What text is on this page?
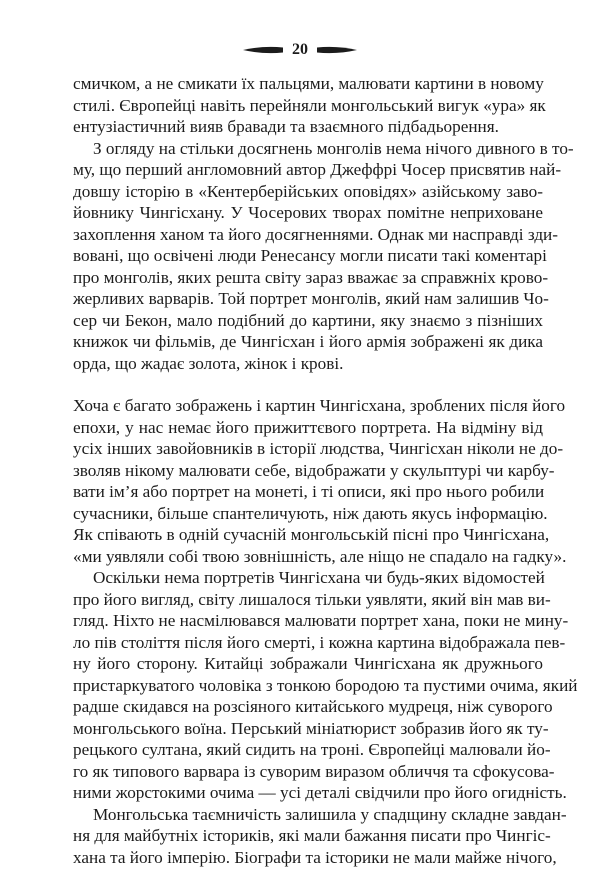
20

смичком, а не смикати їх пальцями, малювати картини в новому
стилі. Європейці навіть перейняли монгольський вигук «ура» як
ентузіастичний вияв бравади та взаємного підбадьорення.

З огляду на стільки досягнень монголів нема нічого дивного в то-
му, що перший англомовний автор Джеффрі Чосер присвятив най-
довшу історію в «Кентерберійських оповідях» азійському заво-
йовнику Чингісхану. У Чосерових творах помітне неприховане
захоплення ханом та його досягненнями. Однак ми насправді зди-
вовані, що освічені люди Ренесансу могли писати такі коментарі
про монголів, яких решта світу зараз вважає за справжніх крово-
жерливих варварів. Той портрет монголів, який нам залишив Чо-
сер чи Бекон, мало подібний до картини, яку знаємо з пізніших
книжок чи фільмів, де Чингісхан і його армія зображені як дика
орда, що жадає золота, жінок і крові.

Хоча є багато зображень і картин Чингісхана, зроблених після його
епохи, у нас немає його прижиттєвого портрета. На відміну від
усіх інших завойовників в історії людства, Чингісхан ніколи не до-
зволяв нікому малювати себе, відображати у скульптурі чи карбу-
вати ім’я або портрет на монеті, і ті описи, які про нього робили
сучасники, більше спантеличують, ніж дають якусь інформацію.
Як співають в одній сучасній монгольській пісні про Чингісхана,
«ми уявляли собі твою зовнішність, але ніщо не спадало на гадку».

Оскільки нема портретів Чингісхана чи будь-яких відомостей
про його вигляд, світу лишалося тільки уявляти, який він мав ви-
гляд. Ніхто не насмілювався малювати портрет хана, поки не мину-
ло пів століття після його смерті, і кожна картина відображала пев-
ну його сторону. Китайці зображали Чингісхана як дружнього
пристаркуватого чоловіка з тонкою бородою та пустими очима, який
радше скидався на розсіяного китайського мудреця, ніж суворого
монгольського воїна. Перський мініатюрист зобразив його як ту-
рецького султана, який сидить на троні. Європейці малювали йо-
го як типового варвара із суворим виразом обличчя та сфокусова-
ними жорстокими очима — усі деталі свідчили про його огидність.

Монгольська таємничість залишила у спадщину складне завдан-
ня для майбутніх істориків, які мали бажання писати про Чингіс-
хана та його імперію. Біографи та історики не мали майже нічого,
